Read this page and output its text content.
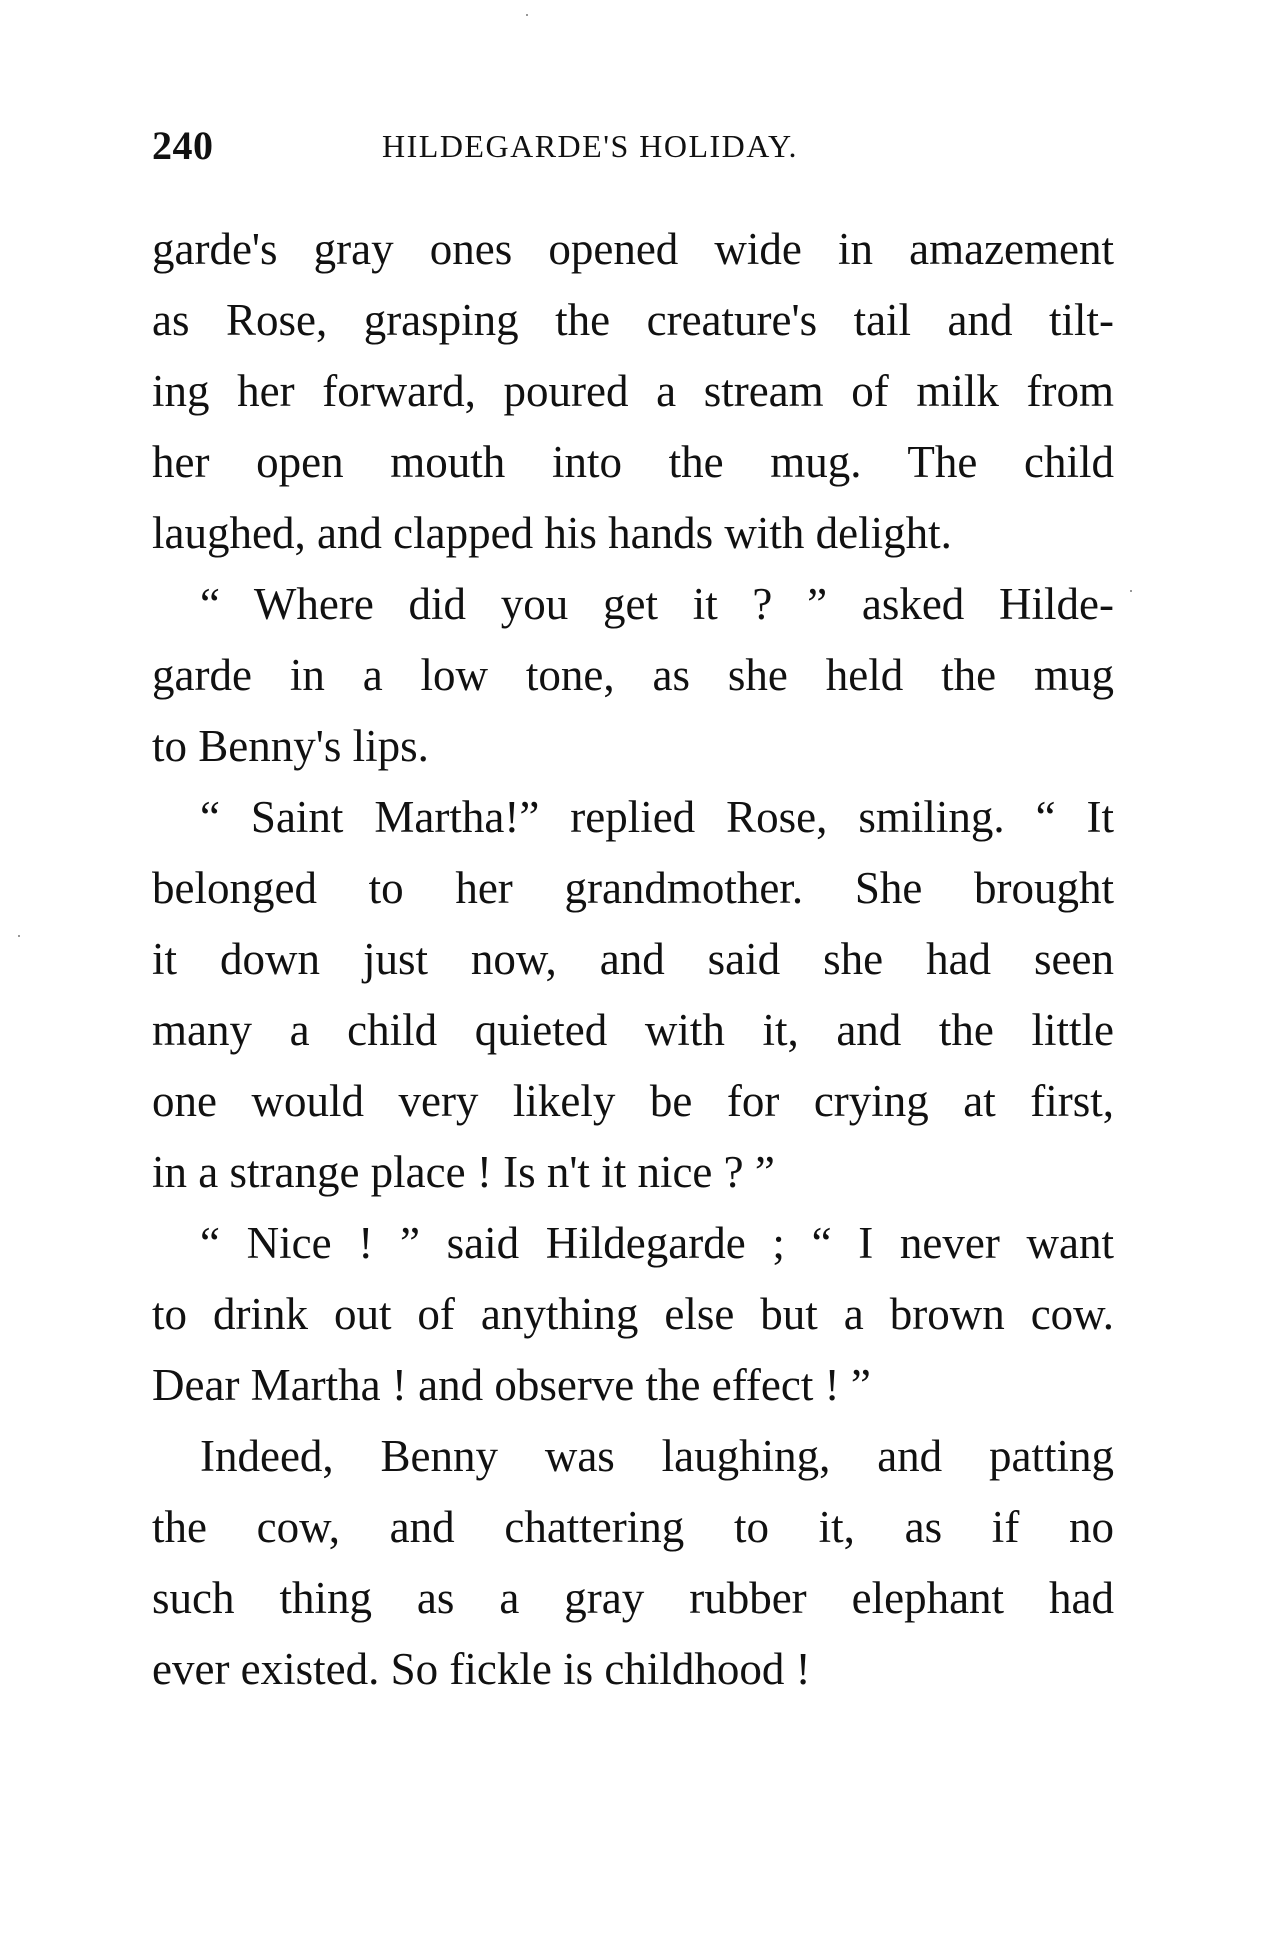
240	HILDEGARDE'S HOLIDAY.
garde's gray ones opened wide in amazement
as Rose, grasping the creature's tail and tilt-
ing her forward, poured a stream of milk from
her open mouth into the mug. The child
laughed, and clapped his hands with delight.
“ Where did you get it ? ” asked Hilde-
garde in a low tone, as she held the mug
to Benny's lips.
“ Saint Martha!” replied Rose, smiling. “ It
belonged to her grandmother. She brought
it down just now, and said she had seen
many a child quieted with it, and the little
one would very likely be for crying at first,
in a strange place ! Is n't it nice ? ”
“ Nice ! ” said Hildegarde ; “ I never want
to drink out of anything else but a brown cow.
Dear Martha ! and observe the effect ! ”
Indeed, Benny was laughing, and patting
the cow, and chattering to it, as if no
such thing as a gray rubber elephant had
ever existed. So fickle is childhood !
